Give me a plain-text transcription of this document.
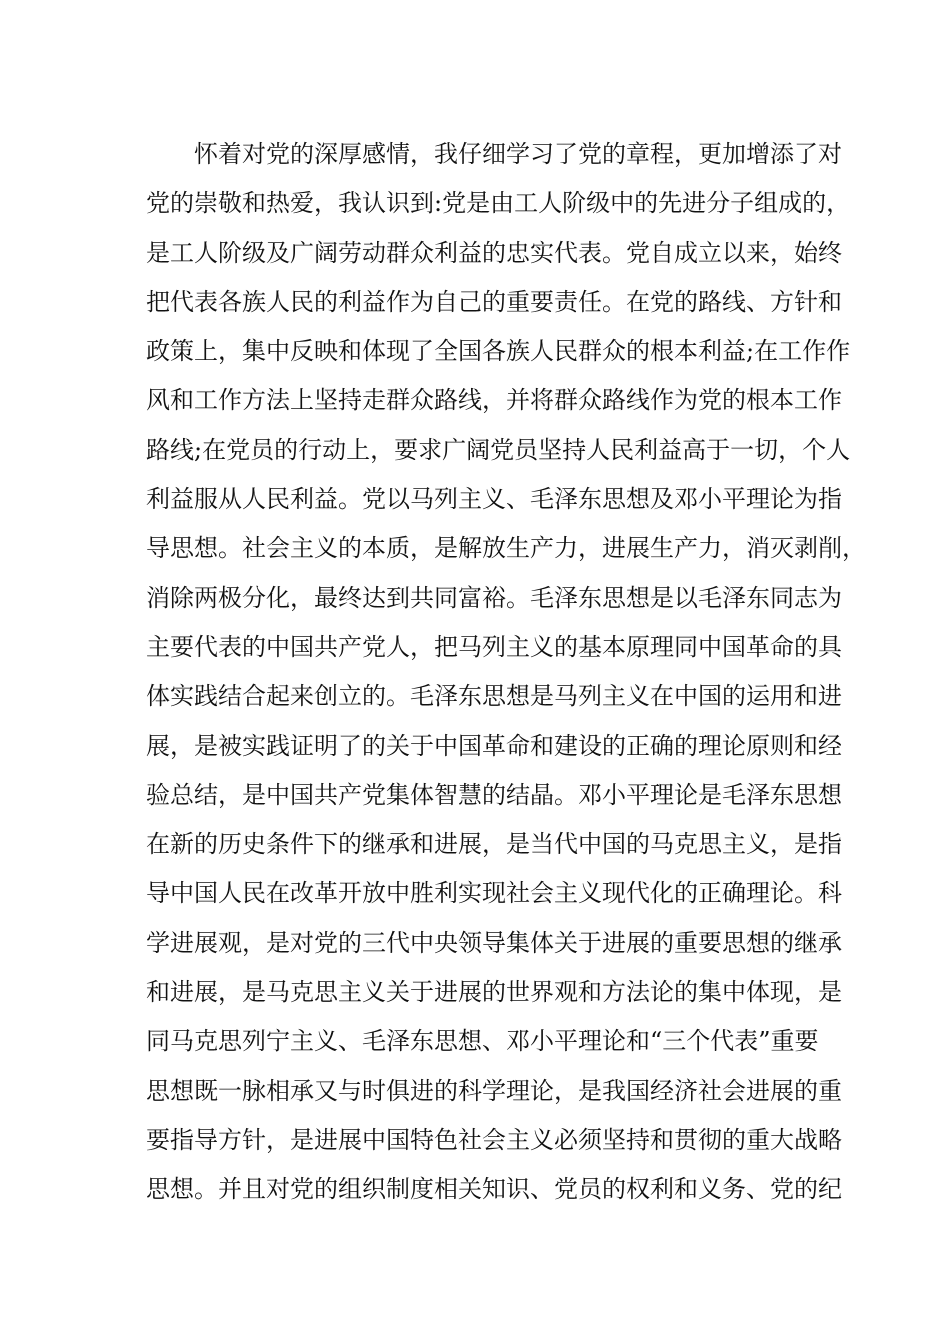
怀着对党的深厚感情，我仔细学习了党的章程，更加增添了对
党的崇敬和热爱，我认识到:党是由工人阶级中的先进分子组成的，
是工人阶级及广阔劳动群众利益的忠实代表。党自成立以来，始终
把代表各族人民的利益作为自己的重要责任。在党的路线、方针和
政策上，集中反映和体现了全国各族人民群众的根本利益;在工作作
风和工作方法上坚持走群众路线，并将群众路线作为党的根本工作
路线;在党员的行动上，要求广阔党员坚持人民利益高于一切，个人
利益服从人民利益。党以马列主义、毛泽东思想及邓小平理论为指
导思想。社会主义的本质，是解放生产力，进展生产力，消灭剥削，
消除两极分化，最终达到共同富裕。毛泽东思想是以毛泽东同志为
主要代表的中国共产党人，把马列主义的基本原理同中国革命的具
体实践结合起来创立的。毛泽东思想是马列主义在中国的运用和进
展，是被实践证明了的关于中国革命和建设的正确的理论原则和经
验总结，是中国共产党集体智慧的结晶。邓小平理论是毛泽东思想
在新的历史条件下的继承和进展，是当代中国的马克思主义，是指
导中国人民在改革开放中胜利实现社会主义现代化的正确理论。科
学进展观，是对党的三代中央领导集体关于进展的重要思想的继承
和进展，是马克思主义关于进展的世界观和方法论的集中体现，是
同马克思列宁主义、毛泽东思想、邓小平理论和“三个代表”重要
思想既一脉相承又与时俱进的科学理论，是我国经济社会进展的重
要指导方针，是进展中国特色社会主义必须坚持和贯彻的重大战略
思想。并且对党的组织制度相关知识、党员的权利和义务、党的纪
